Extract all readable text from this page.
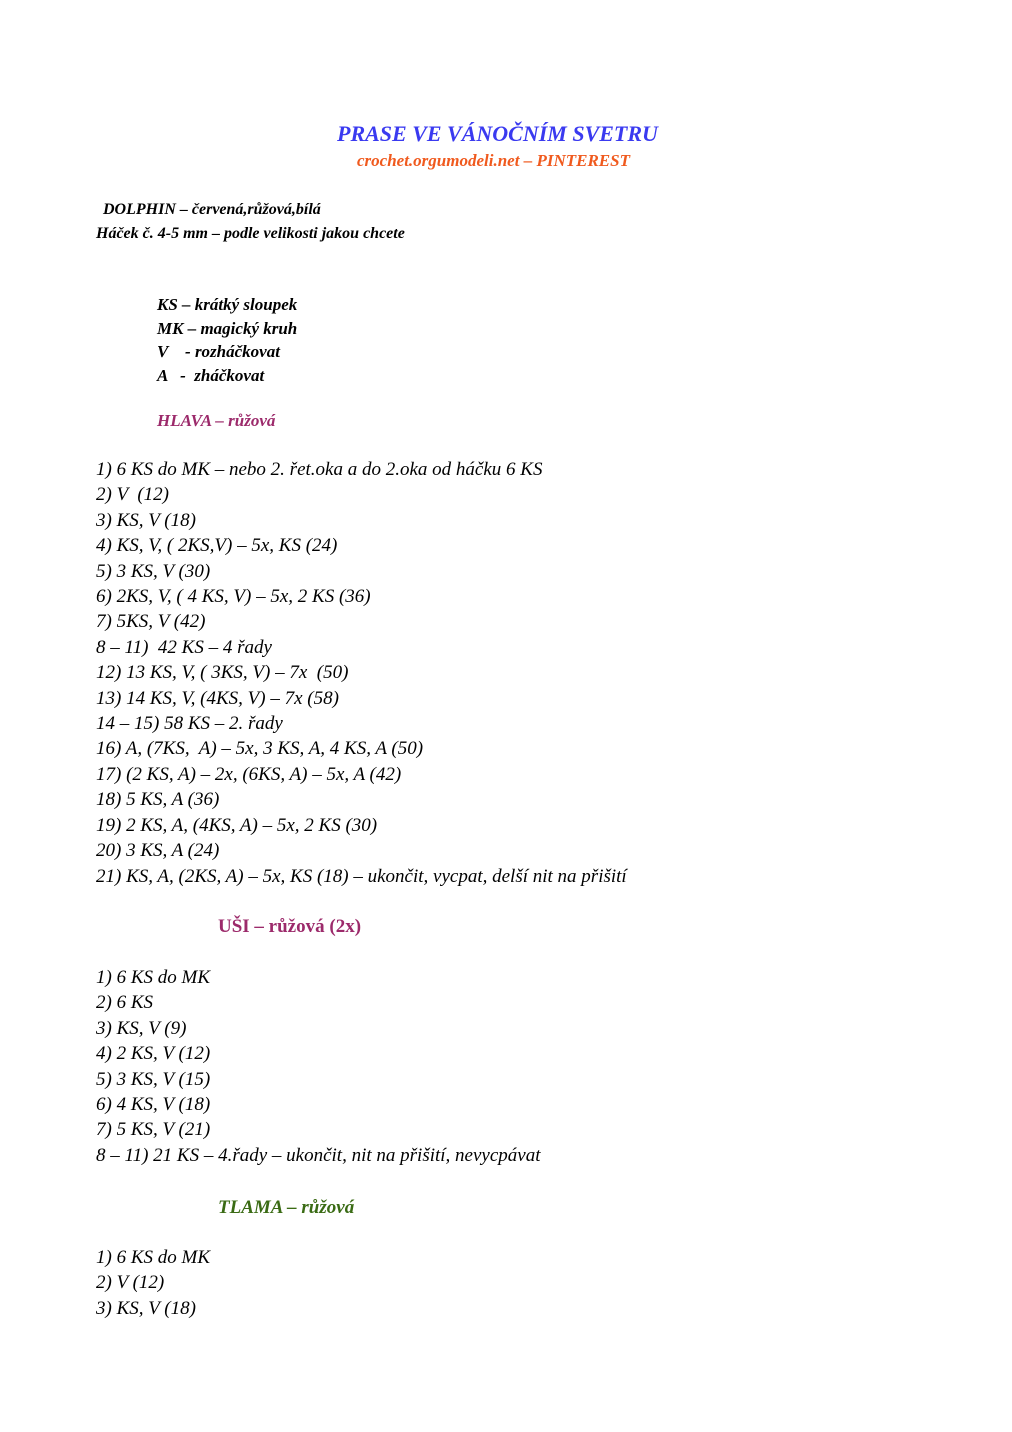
PRASE VE VÁNOČNÍM SVETRU
crochet.orgumodeli.net – PINTEREST
DOLPHIN – červená,růžová,bílá
Háček č. 4-5 mm – podle velikosti jakou chcete
KS – krátký sloupek
MK – magický kruh
V    - rozháčkovat
A   -  zháčkovat
HLAVA – růžová
1) 6 KS do MK – nebo 2. řet.oka a do 2.oka od háčku 6 KS
2) V  (12)
3) KS, V (18)
4) KS, V, ( 2KS,V) – 5x, KS (24)
5) 3 KS, V (30)
6) 2KS, V, ( 4 KS, V) – 5x, 2 KS (36)
7) 5KS, V (42)
8 – 11)  42 KS – 4 řady
12) 13 KS, V, ( 3KS, V) – 7x  (50)
13) 14 KS, V, (4KS, V) – 7x (58)
14 – 15) 58 KS – 2. řady
16) A, (7KS,  A) – 5x, 3 KS, A, 4 KS, A (50)
17) (2 KS, A) – 2x, (6KS, A) – 5x, A (42)
18) 5 KS, A (36)
19) 2 KS, A, (4KS, A) – 5x, 2 KS (30)
20) 3 KS, A (24)
21) KS, A, (2KS, A) – 5x, KS (18) – ukončit, vycpat, delší nit na přišití
UŠI – růžová (2x)
1) 6 KS do MK
2) 6 KS
3) KS, V (9)
4) 2 KS, V (12)
5) 3 KS, V (15)
6) 4 KS, V (18)
7) 5 KS, V (21)
8 – 11) 21 KS – 4.řady – ukončit, nit na přišití, nevycpávat
TLAMA – růžová
1) 6 KS do MK
2) V (12)
3) KS, V (18)
